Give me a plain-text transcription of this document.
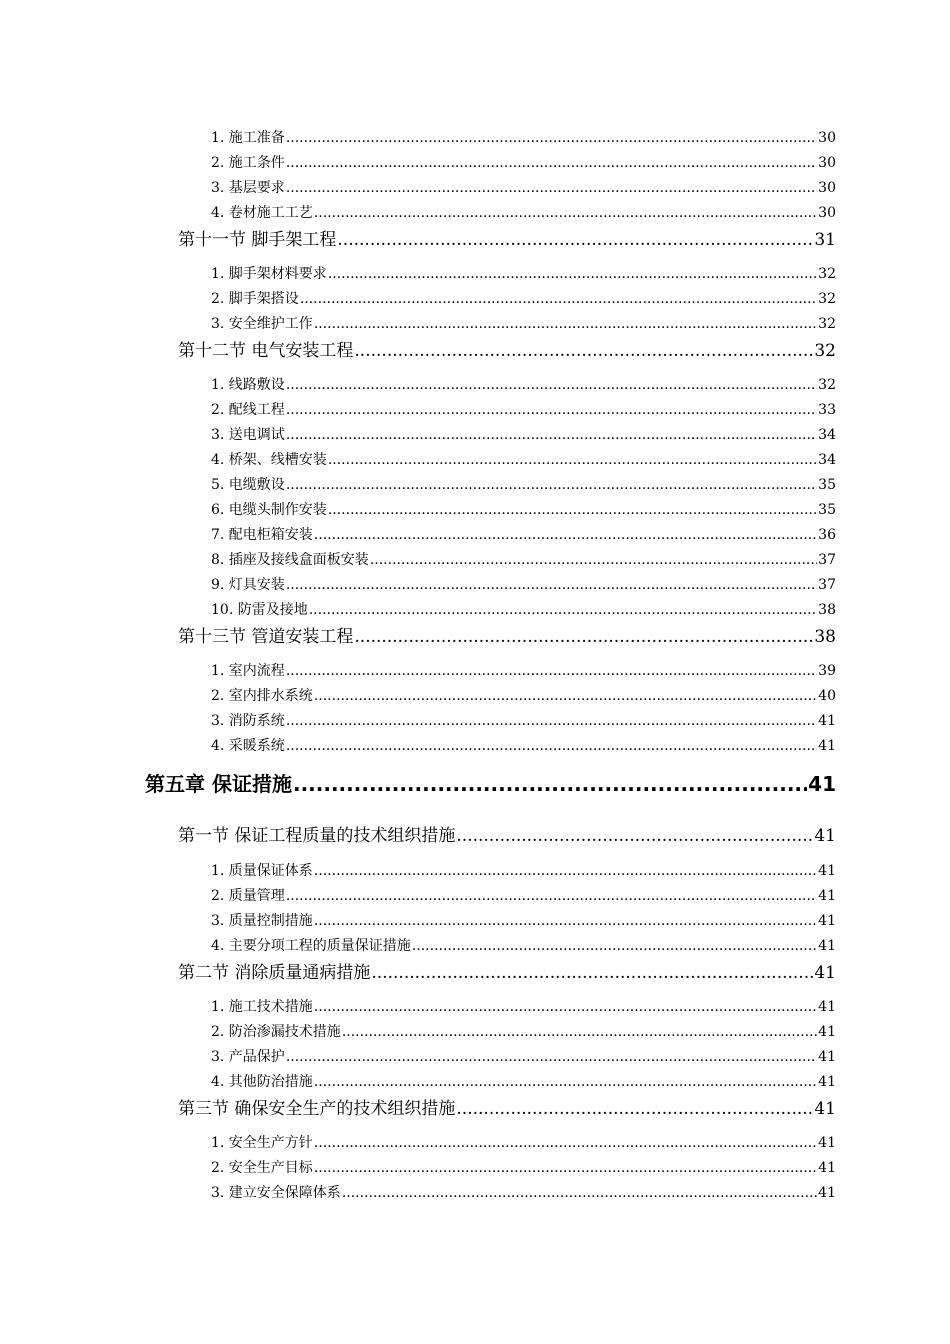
1. 施工准备 .....	30
2. 施工条件 .....	30
3. 基层要求 .....	30
4. 卷材施工工艺 .....	30
第十一节 脚手架工程 .....	31
1. 脚手架材料要求 .....	32
2. 脚手架搭设 .....	32
3. 安全维护工作 .....	32
第十二节 电气安装工程 .....	32
1. 线路敷设 .....	32
2. 配线工程 .....	33
3. 送电调试 .....	34
4. 桥架、线槽安装 .....	34
5. 电缆敷设 .....	35
6. 电缆头制作安装 .....	35
7. 配电柜箱安装 .....	36
8. 插座及接线盒面板安装 .....	37
9. 灯具安装 .....	37
10. 防雷及接地 .....	38
第十三节 管道安装工程 .....	38
1. 室内流程 .....	39
2. 室内排水系统 .....	40
3. 消防系统 .....	41
4. 采暖系统 .....	41
第五章 保证措施 .....	41
第一节 保证工程质量的技术组织措施 .....	41
1. 质量保证体系 .....	41
2. 质量管理 .....	41
3. 质量控制措施 .....	41
4. 主要分项工程的质量保证措施 .....	41
第二节 消除质量通病措施 .....	41
1. 施工技术措施 .....	41
2. 防治渗漏技术措施 .....	41
3. 产品保护 .....	41
4. 其他防治措施 .....	41
第三节 确保安全生产的技术组织措施 .....	41
1. 安全生产方针 .....	41
2. 安全生产目标 .....	41
3. 建立安全保障体系 .....	41
